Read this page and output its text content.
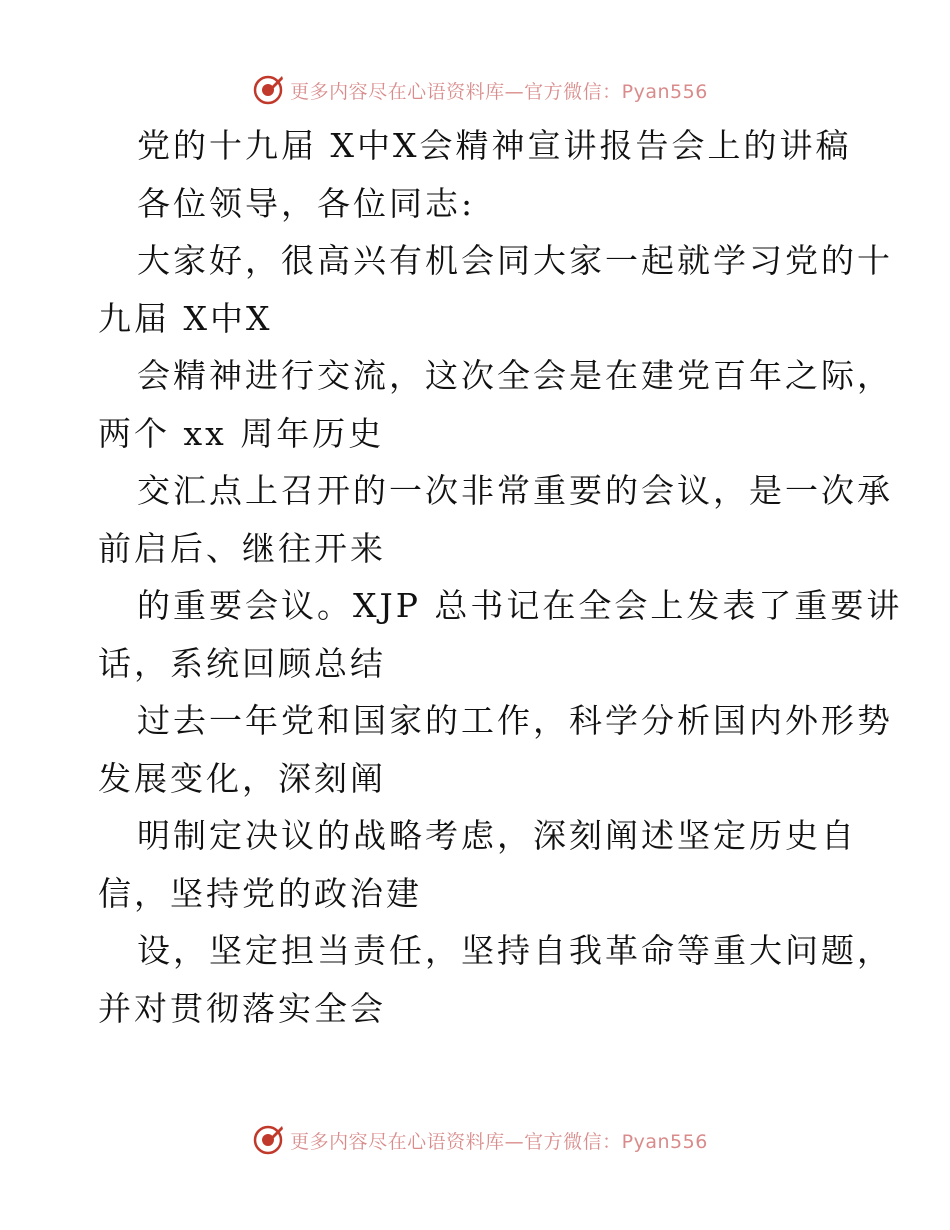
更多内容尽在心语资料库—官方微信：Pyan556
党的十九届 X中X会精神宣讲报告会上的讲稿
各位领导，各位同志:
大家好，很高兴有机会同大家一起就学习党的十
九届 X中X
会精神进行交流，这次全会是在建党百年之际，
两个 xx 周年历史
交汇点上召开的一次非常重要的会议，是一次承
前启后、继往开来
的重要会议。XJP 总书记在全会上发表了重要讲
话，系统回顾总结
过去一年党和国家的工作，科学分析国内外形势
发展变化，深刻阐
明制定决议的战略考虑，深刻阐述坚定历史自
信，坚持党的政治建
设，坚定担当责任，坚持自我革命等重大问题，
并对贯彻落实全会
更多内容尽在心语资料库—官方微信：Pyan556
